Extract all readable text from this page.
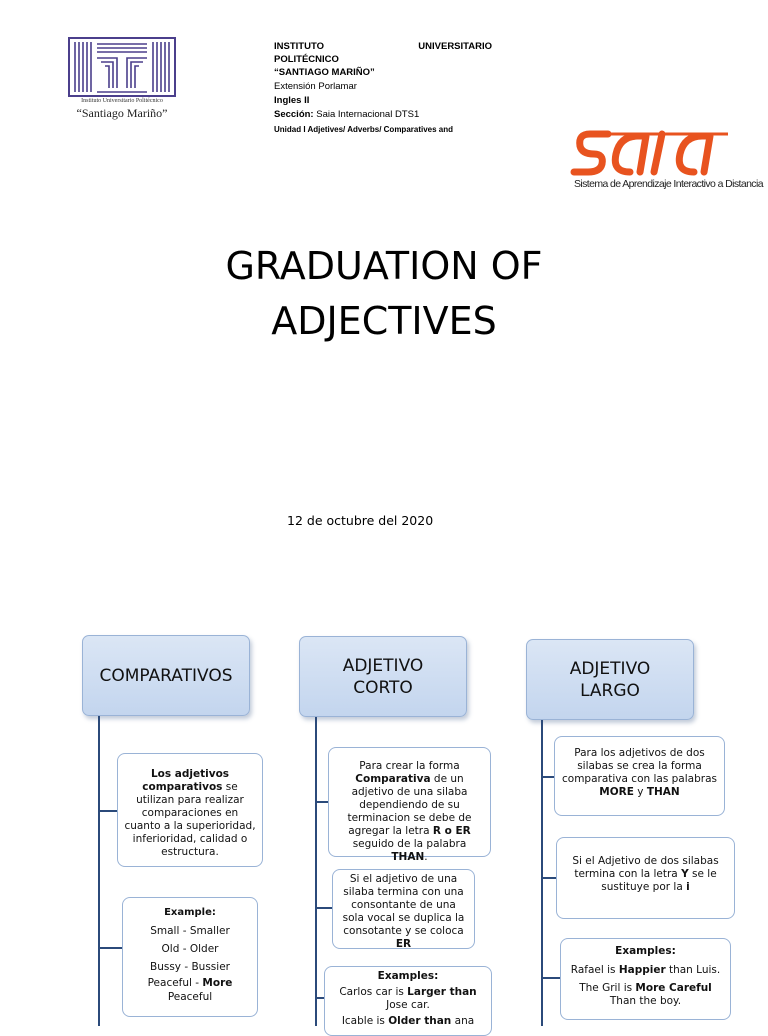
Instituto Universitario Politécnico
“Santiago Mariño”
INSTITUTO	UNIVERSITARIO
POLITÉCNICO
“SANTIAGO MARIÑO”
Extensión Porlamar
Ingles II
Sección: Saia Internacional DTS1
Unidad I Adjetives/ Adverbs/ Comparatives and
Sistema de Aprendizaje Interactivo a Distancia
GRADUATION OF
ADJECTIVES
12 de octubre del 2020
COMPARATIVOS
Los adjetivos comparativos se utilizan para realizar comparaciones en cuanto a la superioridad, inferioridad, calidad o estructura.
Example:
Small - Smaller
Old - Older
Bussy - Bussier
Peaceful - More
Peaceful
ADJETIVO
CORTO
Para crear la forma Comparativa de un adjetivo de una silaba dependiendo de su terminacion se debe de agregar la letra R o ER seguido de la palabra THAN.
Si el adjetivo de una silaba termina con una consontante de una sola vocal se duplica la consotante y se coloca ER
Examples:
Carlos car is Larger than Jose car.
Icable is Older than ana
ADJETIVO
LARGO
Para los adjetivos de dos silabas se crea la forma comparativa con las palabras MORE y THAN
Si el Adjetivo de dos silabas termina con la letra Y se le sustituye por la i
Examples:
Rafael is Happier than Luis.
The Gril is More Careful Than the boy.
